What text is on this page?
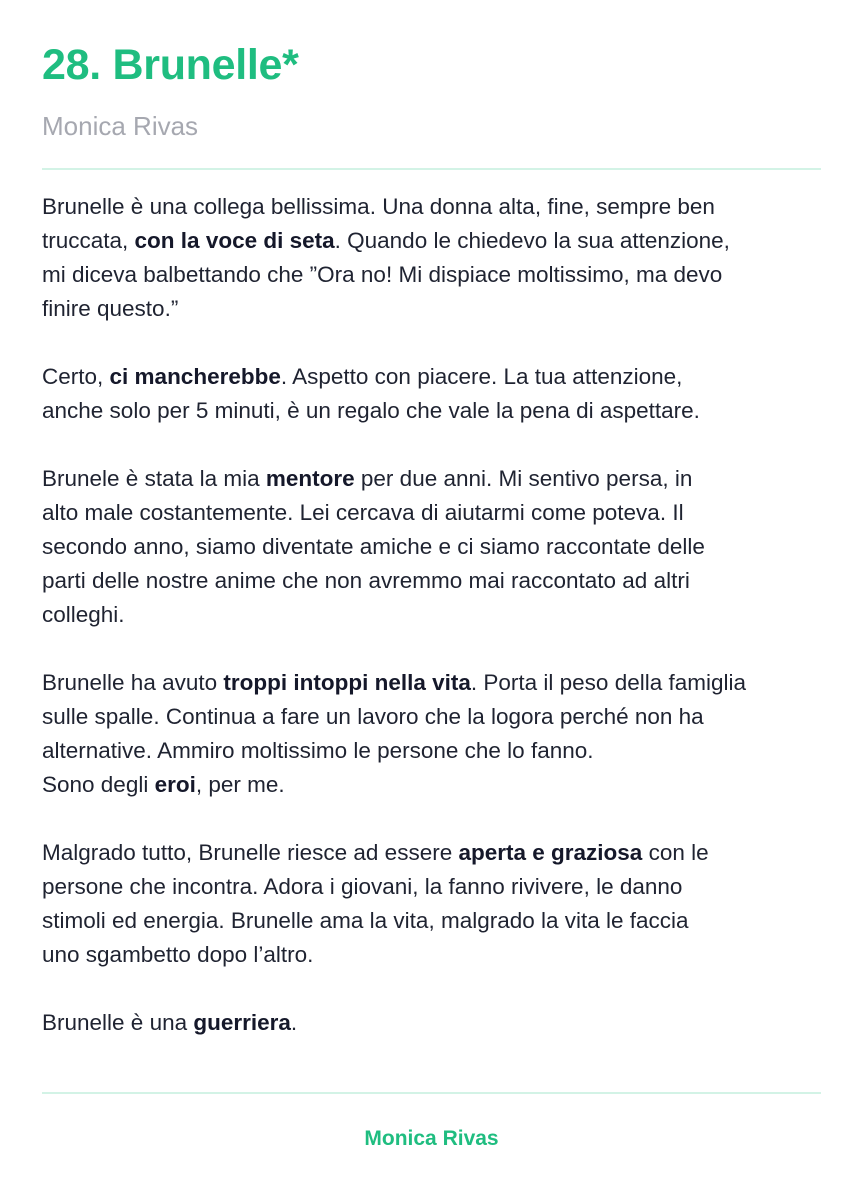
28. Brunelle*
Monica Rivas

Brunelle è una collega bellissima. Una donna alta, fine, sempre ben
truccata, con la voce di seta. Quando le chiedevo la sua attenzione,
mi diceva balbettando che ”Ora no! Mi dispiace moltissimo, ma devo
finire questo.”

Certo, ci mancherebbe. Aspetto con piacere. La tua attenzione,
anche solo per 5 minuti, è un regalo che vale la pena di aspettare.

Brunele è stata la mia mentore per due anni. Mi sentivo persa, in
alto male costantemente. Lei cercava di aiutarmi come poteva. Il
secondo anno, siamo diventate amiche e ci siamo raccontate delle
parti delle nostre anime che non avremmo mai raccontato ad altri
colleghi.

Brunelle ha avuto troppi intoppi nella vita. Porta il peso della famiglia
sulle spalle. Continua a fare un lavoro che la logora perché non ha
alternative. Ammiro moltissimo le persone che lo fanno.
Sono degli eroi, per me.

Malgrado tutto, Brunelle riesce ad essere aperta e graziosa con le
persone che incontra. Adora i giovani, la fanno rivivere, le danno
stimoli ed energia. Brunelle ama la vita, malgrado la vita le faccia
uno sgambetto dopo l’altro.

Brunelle è una guerriera.

Monica Rivas
